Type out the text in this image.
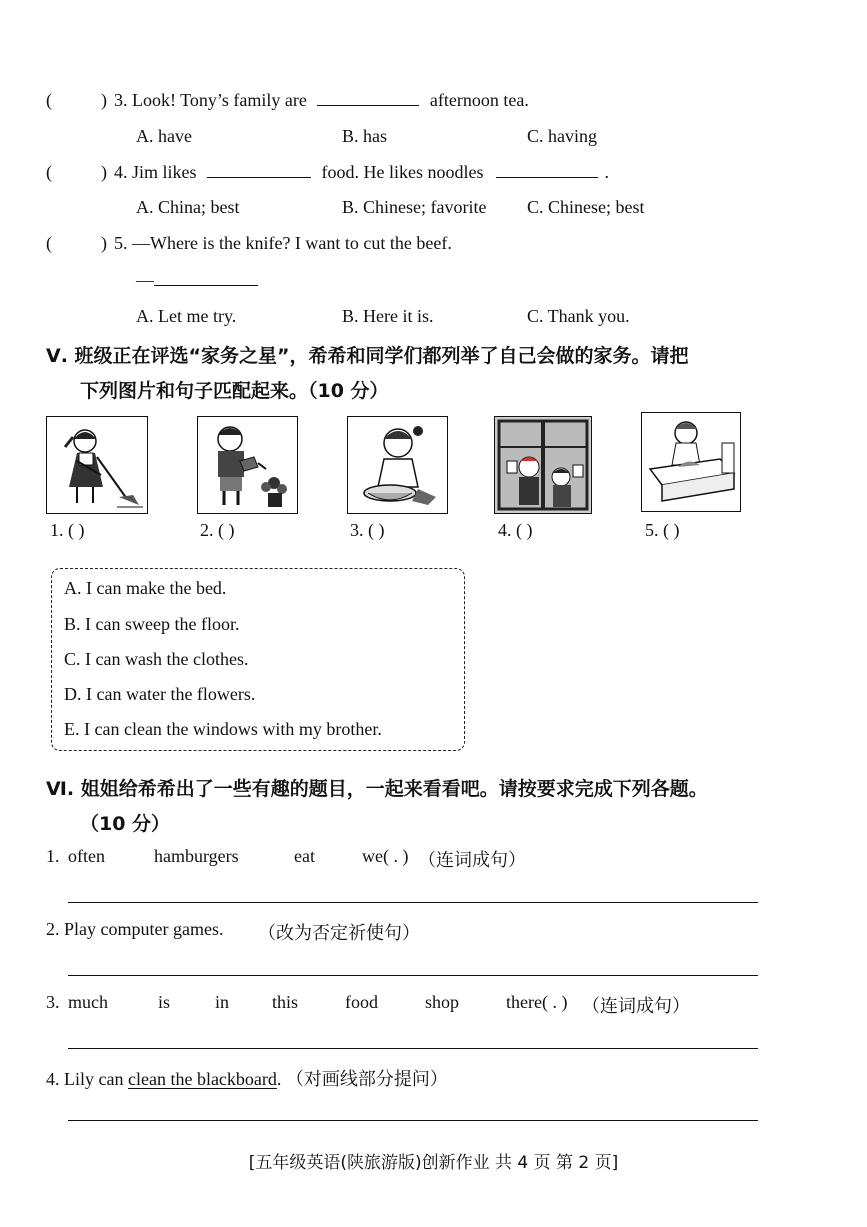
(	) 3. Look! Tony’s family are	afternoon tea.
A. have	B. has	C. having
(	) 4. Jim likes	food. He likes noodles	.
A. China; best	B. Chinese; favorite C. Chinese; best
(	) 5. —Where is the knife? I want to cut the beef.
—
A. Let me try.	B. Here it is.	C. Thank you.
Ⅴ. 班级正在评选“家务之星”，希希和同学们都列举了自己会做的家务。请把
下列图片和句子匹配起来。（10 分）
1. ( )	2. ( )	3. ( )	4. ( )	5. ( )
A. I can make the bed.
B. I can sweep the floor.
C. I can wash the clothes.
D. I can water the flowers.
E. I can clean the windows with my brother.
Ⅵ. 姐姐给希希出了一些有趣的题目，一起来看看吧。请按要求完成下列各题。
（10 分）
1. often	hamburgers	eat	we( . ) （连词成句）
2. Play computer games. （改为否定祈使句）
3. much	is in this	food	shop	there( . ) （连词成句）
4. Lily can clean the blackboard. （对画线部分提问）
[五年级英语(陕旅游版)创新作业 共 4 页 第 2 页]
